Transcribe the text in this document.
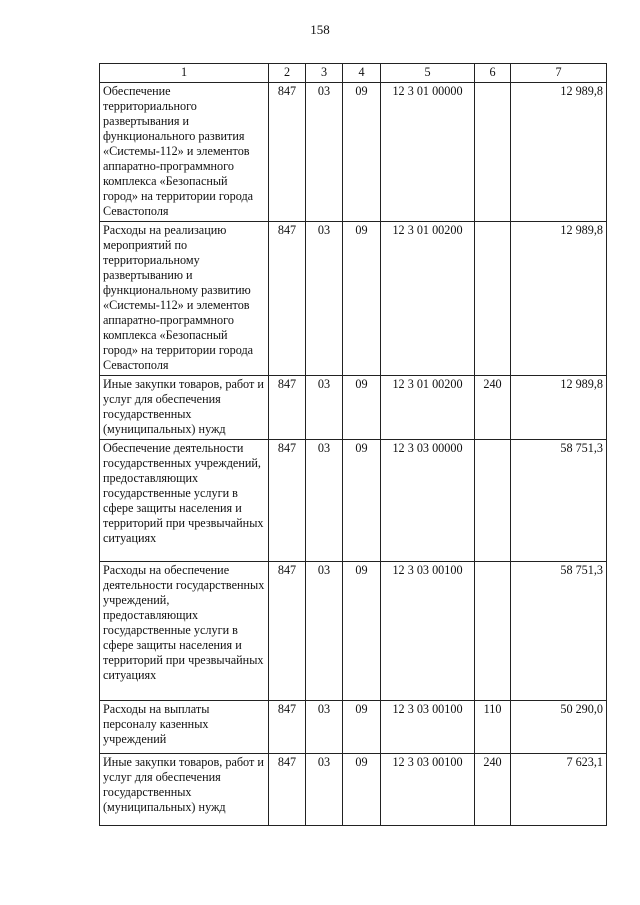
158
1	2	3	4	5	6	7
Обеспечение территориального развертывания и функционального развития «Системы-112» и элементов аппаратно-программного комплекса «Безопасный город» на территории города Севастополя	847	03	09	12 3 01 00000		12 989,8
Расходы на реализацию мероприятий по территориальному развертыванию и функциональному развитию «Системы-112» и элементов аппаратно-программного комплекса «Безопасный город» на территории города Севастополя	847	03	09	12 3 01 00200		12 989,8
Иные закупки товаров, работ и услуг для обеспечения государственных (муниципальных) нужд	847	03	09	12 3 01 00200	240	12 989,8
Обеспечение деятельности государственных учреждений, предоставляющих государственные услуги в сфере защиты населения и территорий при чрезвычайных ситуациях	847	03	09	12 3 03 00000		58 751,3
Расходы на обеспечение деятельности государственных учреждений, предоставляющих государственные услуги в сфере защиты населения и территорий при чрезвычайных ситуациях	847	03	09	12 3 03 00100		58 751,3
Расходы на выплаты персоналу казенных учреждений	847	03	09	12 3 03 00100	110	50 290,0
Иные закупки товаров, работ и услуг для обеспечения государственных (муниципальных) нужд	847	03	09	12 3 03 00100	240	7 623,1
